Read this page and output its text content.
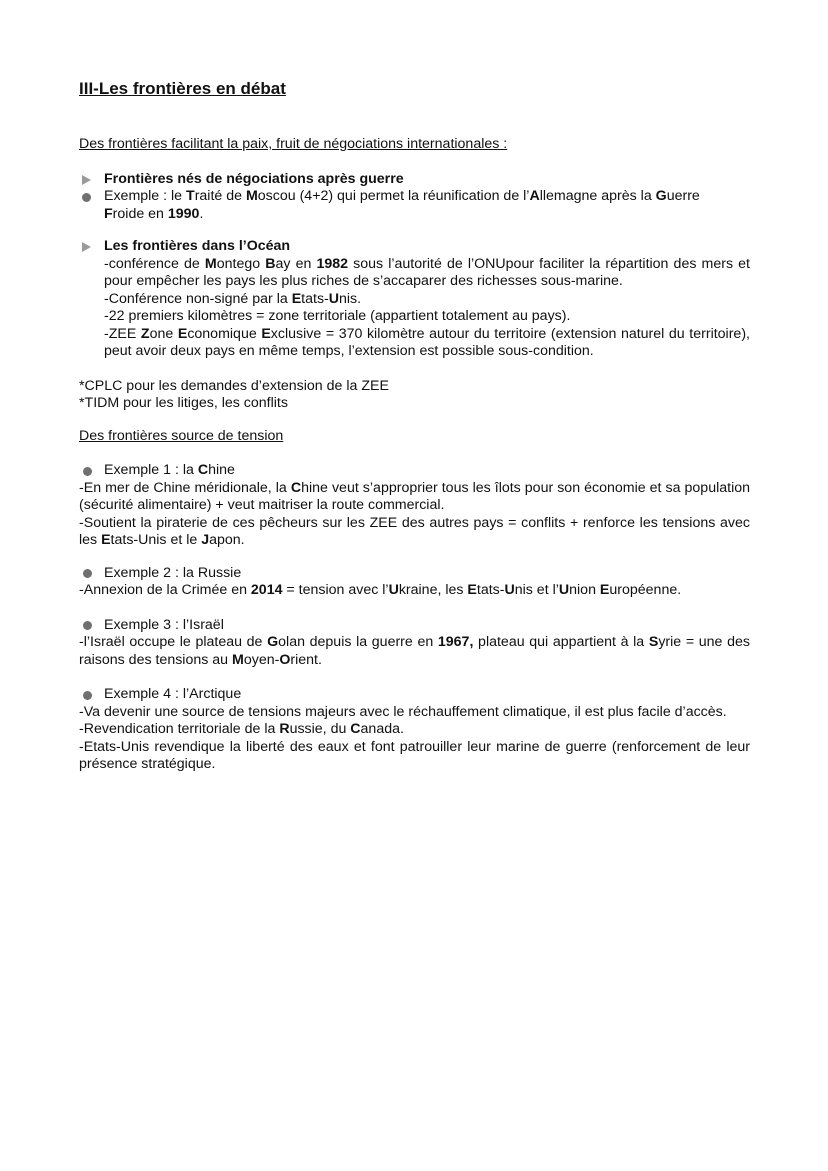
III-Les frontières en débat

Des frontières facilitant la paix, fruit de négociations internationales :

Frontières nés de négociations après guerre
Exemple : le Traité de Moscou (4+2) qui permet la réunification de l’Allemagne après la Guerre
Froide en 1990.
Les frontières dans l’Océan

-conférence de Montego Bay en 1982 sous l’autorité de l’ONUpour faciliter la répartition des mers et pour empêcher les pays les plus riches de s’accaparer des richesses sous-marine.

-Conférence non-signé par la Etats-Unis.

-22 premiers kilomètres = zone territoriale (appartient totalement au pays).

-ZEE Zone Economique Exclusive = 370 kilomètre autour du territoire (extension naturel du territoire), peut avoir deux pays en même temps, l’extension est possible sous-condition.

*CPLC pour les demandes d’extension de la ZEE

*TIDM pour les litiges, les conflits

Des frontières source de tension

Exemple 1 : la Chine

-En mer de Chine méridionale, la Chine veut s’approprier tous les îlots pour son économie et sa population (sécurité alimentaire) + veut maitriser la route commercial.

-Soutient la piraterie de ces pêcheurs sur les ZEE des autres pays = conflits + renforce les tensions avec les Etats-Unis et le Japon.

Exemple 2 : la Russie

-Annexion de la Crimée en 2014 = tension avec l’Ukraine, les Etats-Unis et l’Union Européenne.

Exemple 3 : l’Israël

-l’Israël occupe le plateau de Golan depuis la guerre en 1967, plateau qui appartient à la Syrie = une des raisons des tensions au Moyen-Orient.

Exemple 4 : l’Arctique

-Va devenir une source de tensions majeurs avec le réchauffement climatique, il est plus facile d’accès.

-Revendication territoriale de la Russie, du Canada.

-Etats-Unis revendique la liberté des eaux et font patrouiller leur marine de guerre (renforcement de leur présence stratégique.
